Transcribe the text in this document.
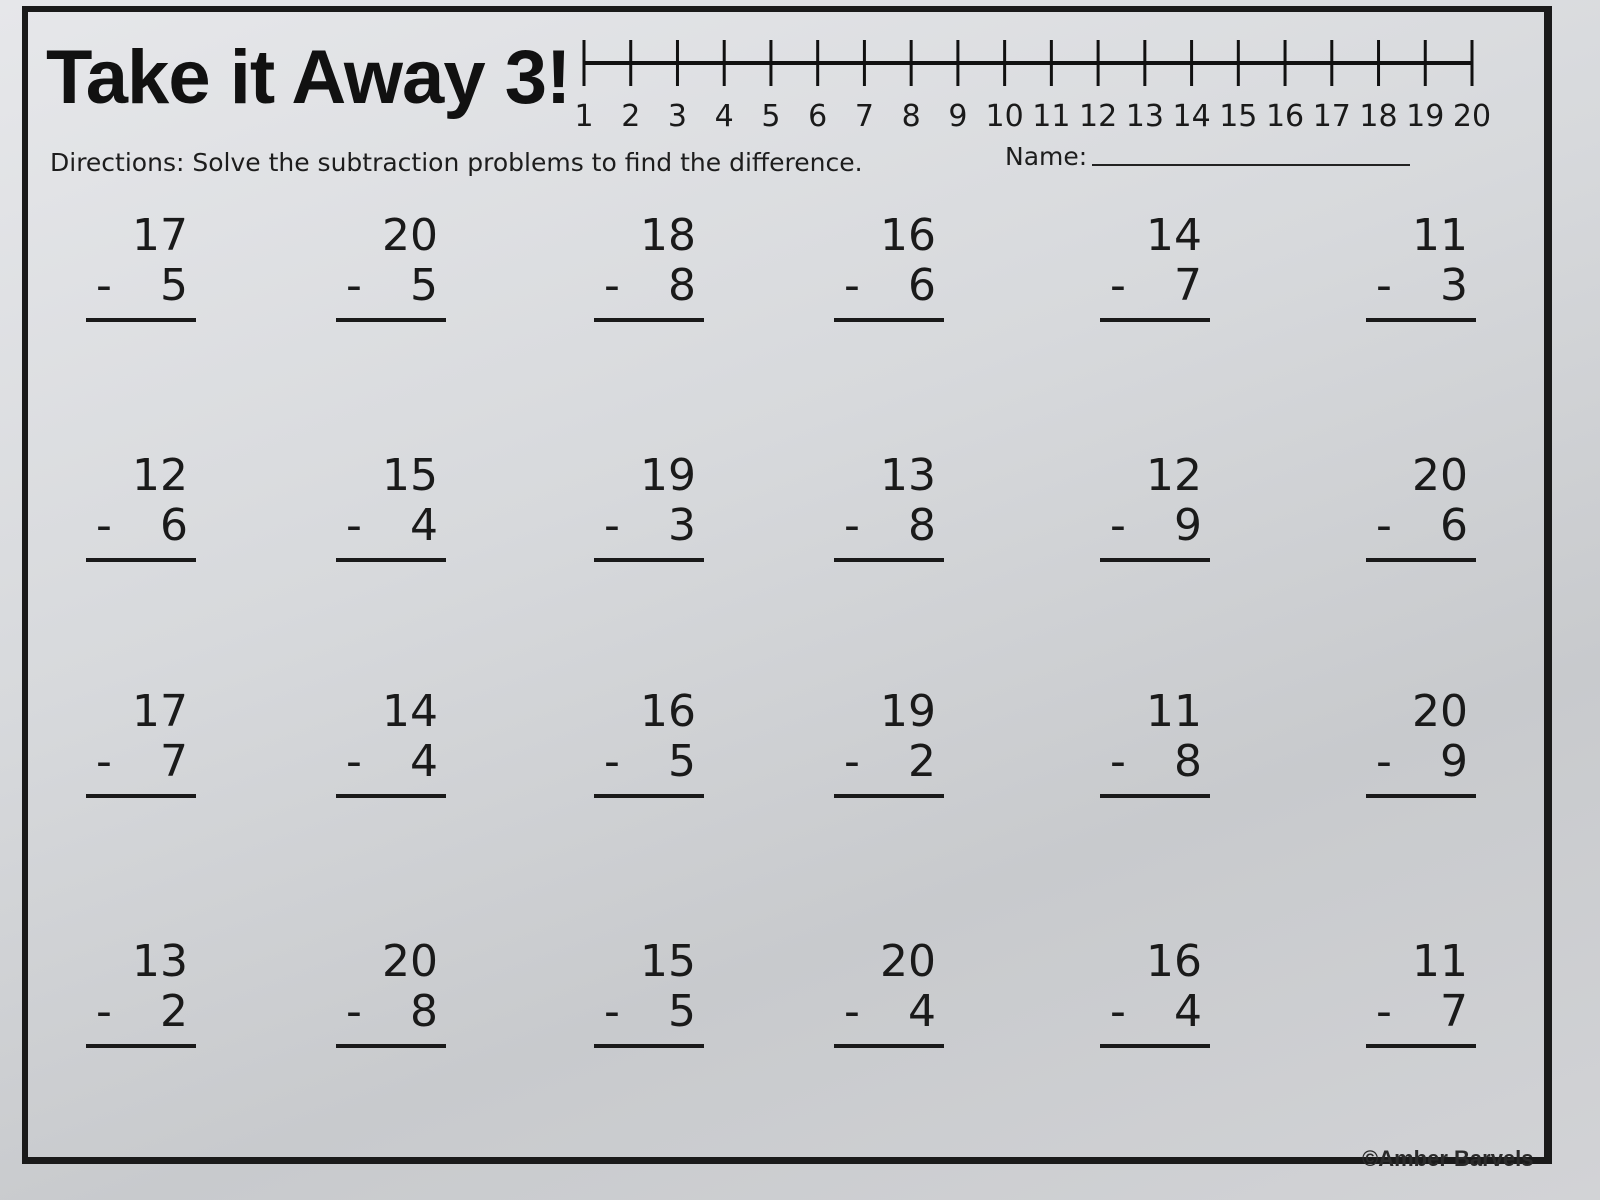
Take it Away 3! 1 2 3 4 5 6 7 8 9 10 11 12 13 14 15 16 17 18 19 20
Directions: Solve the subtraction problems to find the difference.	Name:
17
- 5
20
- 5
18
- 8
16
- 6
14
- 7
11
- 3
12
- 6
15
- 4
19
- 3
13
- 8
12
- 9
20
- 6
17
- 7
14
- 4
16
- 5
19
- 2
11
- 8
20
- 9
13
- 2
20
- 8
15
- 5
20
- 4
16
- 4
11
- 7
©Amber Barvels
